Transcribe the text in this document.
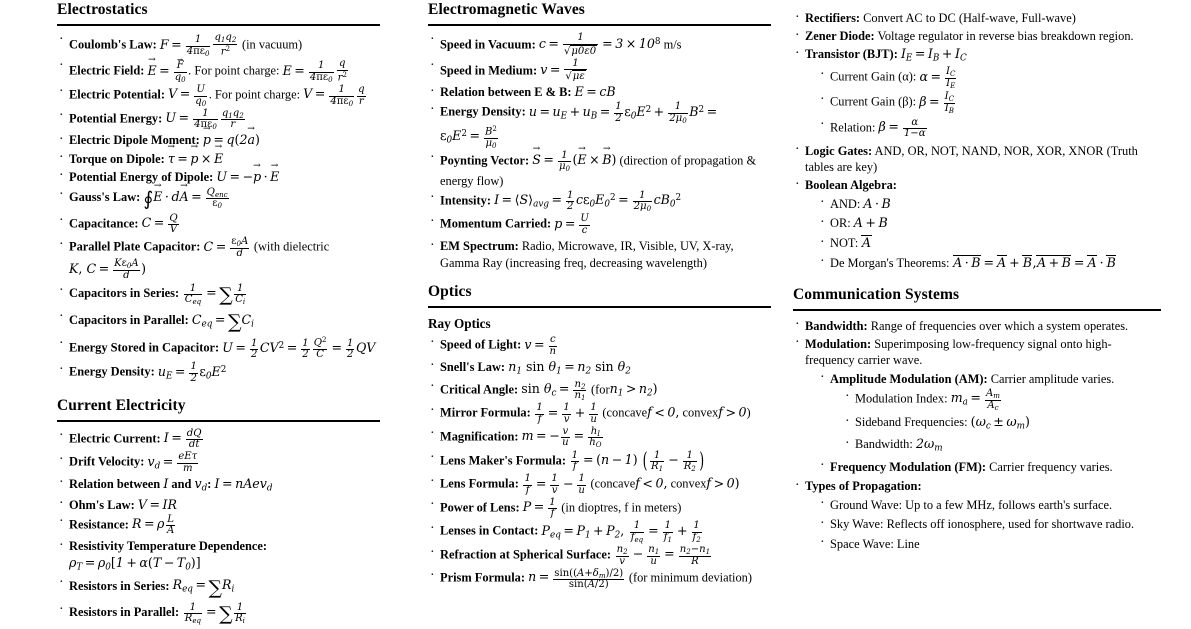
Electrostatics
· Coulomb's Law: $F = \frac{1}{4\pi\varepsilon_0} \frac{q_1q_2}{r^2} (in$ vacuum)
· Electric Field: E → = $\frac{F \to}{q_0}$ . For point charge: $E = \frac{1}{4\pi\varepsilon_0} \frac{q}{r^2}$
· Electric Potential: $V = \frac{U}{q_0}$ . For point charge: $V = \frac{1}{4\pi\varepsilon_0} \frac{q}{r}$
· Potential Energy: $U = \frac{1}{4\pi\varepsilon_0} \frac{q_1q_2}{r}$
· Electric Dipole Moment: p → = q(2a →)
· Torque on Dipole: τ → = p → × E →
· Potential Energy of Dipole: U = −p → · E →
· Gauss's Law: ∮E → · dA → = $\frac{Q_{enc}}{\varepsilon_0}$
· Capacitance: $C = \frac{Q}{V}$
· Parallel Plate Capacitor: $C = \frac{\varepsilon_0A}{d}$ (with dielectric K, $C = \frac{K\varepsilon_0A}{d}$ )
· Capacitors in Series: $\frac{1}{C_{eq}}$ = ∑ $\frac{1}{C_i}$
· Capacitors in Parallel: $C_{eq} = \sum C_i$
· Energy Stored in Capacitor: $U = \frac{1}{2} CV^2 = \frac{1}{2} \frac{Q^2}{C} = \frac{1}{2}$ QV
· Energy Density: $u_E = \frac{1}{2} \varepsilon_0E^2$
Current Electricity
· Electric Current: $I = \frac{dQ}{dt}$
· Drift Velocity: $v_d = \frac{\text{eEτ}}{m}$
· Relation between I and $v_d$: I = nAev$_d$
· Ohm's Law: V = IR
· Resistance: R = ρ $\frac{L}{A}$
· Resistivity Temperature Dependence: $\rho_T = \rho_0[1 + \alpha(T - T_0)]$
· Resistors in Series: $R_{eq} = \sum R_i$
· Resistors in Parallel: $\frac{1}{R_{eq}}$ = ∑ $\frac{1}{R_i}$
Electromagnetic Waves
· Speed in Vacuum: $c = \frac{1}{√\mu 0\varepsilon 0} = 3 \times 10^8$ m/s
· Speed in Medium: $v = \frac{1}{√\mu\varepsilon}$
· Relation between E & B: E = cB
· Energy Density: $u = u_E + u_B = \frac{1}{2} \varepsilon_0E^2 + \frac{1}{2\mu_0} B^2 = \varepsilon_0E^2 = \frac{B^2}{\mu_0}$
· Poynting Vector: S → = $\frac{1}{\mu_0} (E$ → × B →) (direction of propagation & energy flow)
· Intensity: $I = ⟨S⟩_{avg} = \frac{1}{2} c\varepsilon_0E_0^2 = \frac{1}{2\mu_0} cB_0^2$
· Momentum Carried: $p = \frac{U}{c}$
· EM Spectrum: Radio, Microwave, IR, Visible, UV, X-ray, Gamma Ray (increasing freq, decreasing wavelength)
Optics
Ray Optics
· Speed of Light: $v = \frac{c}{n}$
· Snell's Law: $n_1$ $\sin \theta_1 = n_2$ $\sin \theta_2$
· Critical Angle: $\sin \theta_c = \frac{n_2}{n_1}$ (forn$_1$ > $n_2$)
· Mirror Formula: $\frac{1}{f} = \frac{1}{v} + \frac{1}{u}$ (concavef < 0, convexf > 0)
· Magnification: m = − $\frac{v}{u} = \frac{h_I}{h_O}$
· Lens Maker's Formula: $\frac{1}{f} = (n - 1)$ ( $\frac{1}{R_1} - \frac{1}{R_2}$ )
· Lens Formula: $\frac{1}{f} = \frac{1}{v} - \frac{1}{u}$ (concavef < 0, convexf > 0)
· Power of Lens: $P = \frac{1}{f} (in$ dioptres, f in meters)
· Lenses in Contact: $P_{eq} = P_1 + P_2$, $\frac{1}{f_{eq}} = \frac{1}{f_1} + \frac{1}{f_2}$
· Refraction at Spherical Surface: $\frac{n_2}{v} - \frac{n_1}{u} = \frac{n_2-n_1}{R}$
· Prism Formula: $n = \frac{\sin((A+\delta_m)/2)}{\sin(A/2)} (for$ minimum deviation)
· Rectifiers: Convert AC to DC (Half-wave, Full-wave)
· Zener Diode: Voltage regulator in reverse bias breakdown region.
· Transistor (BJT): $I_E = I_B + I_C$
· Current Gain (α): $\alpha = \frac{I_C}{I_E}$
· Current Gain (β): $\beta = \frac{I_C}{I_B}$
· Relation: $\beta = \frac{\alpha}{1-\alpha}$
· Logic Gates: AND, OR, NOT, NAND, NOR, XOR, XNOR (Truth tables are key)
· Boolean Algebra:
· AND: A · B
· OR: A + B
· NOT: A
· De Morgan's Theorems: A · B = A + B,A + B = A · B
Communication Systems
· Bandwidth: Range of frequencies over which a system operates.
· Modulation: Superimposing low-frequency signal onto high-frequency carrier wave.
· Amplitude Modulation (AM): Carrier amplitude varies.
· Modulation Index: $m_a = \frac{A_m}{A_c}$
· Sideband Frequencies: $(\omega_c \pm \omega_m)$
· Bandwidth: $2\omega_m$
· Frequency Modulation (FM): Carrier frequency varies.
· Types of Propagation:
· Ground Wave: Up to a few MHz, follows earth's surface.
· Sky Wave: Reflects off ionosphere, used for shortwave radio.
· Space Wave: Line
